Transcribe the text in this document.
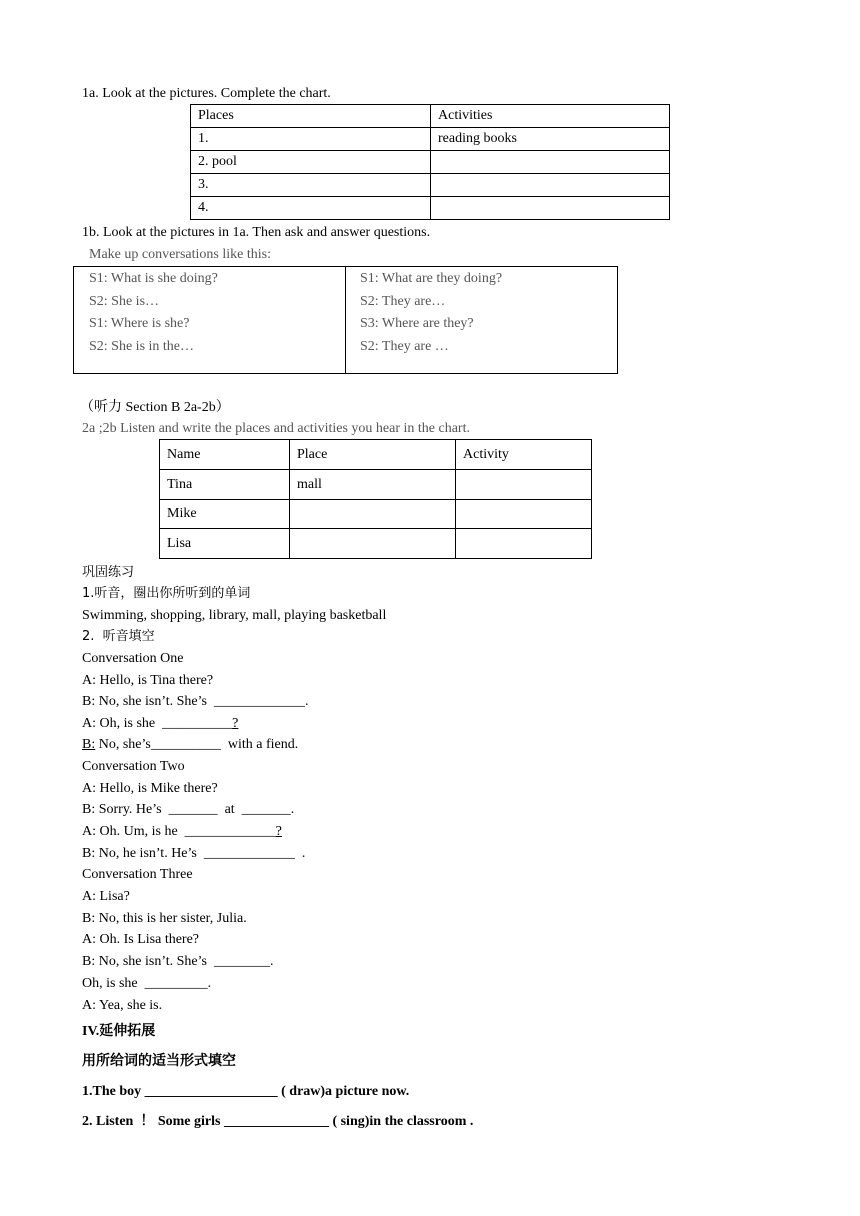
1a. Look at the pictures. Complete the chart.
Places	Activities
1.	reading books
2. pool	
3.	
4.	
1b. Look at the pictures in 1a. Then ask and answer questions.
Make up conversations like this:
S1: What is she doing?
S2: She is…
S1: Where is she?
S2: She is in the…
S1: What are they doing?
S2: They are…
S3: Where are they?
S2: They are …
（听力 Section B 2a-2b）
2a ;2b Listen and write the places and activities you hear in the chart.
Name	Place	Activity
Tina	mall	
Mike		
Lisa		
巩固练习
1.听音，圈出你所听到的单词
Swimming, shopping, library, mall, playing basketball
2.  听音填空
Conversation One
A: Hello, is Tina there?
B: No, she isn’t. She’s  _____________.
A: Oh, is she  __________?
B: No, she’s__________  with a fiend.
Conversation Two
A: Hello, is Mike there?
B: Sorry. He’s  _______  at  _______.
A: Oh. Um, is he  _____________?
B: No, he isn’t. He’s  _____________  .
Conversation Three
A: Lisa?
B: No, this is her sister, Julia.
A: Oh. Is Lisa there?
B: No, she isn’t. She’s  ________.
Oh, is she  _________.
A: Yea, she is.
IV.延伸拓展
用所给词的适当形式填空
1.The boy ___________________ ( draw)a picture now.
2. Listen  ！ Some girls _______________ ( sing)in the classroom .
